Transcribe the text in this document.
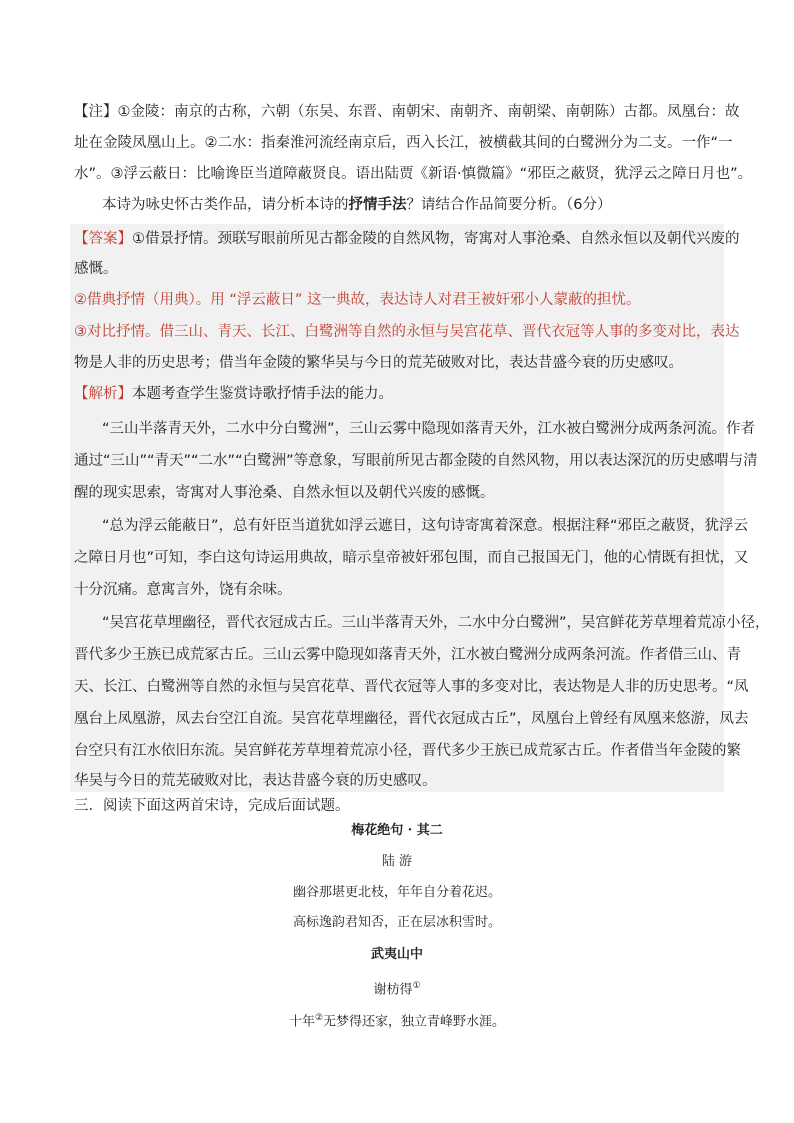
【注】①金陵：南京的古称，六朝（东吴、东晋、南朝宋、南朝齐、南朝梁、南朝陈）古都。凤凰台：故
址在金陵凤凰山上。②二水：指秦淮河流经南京后，西入长江，被横截其间的白鹭洲分为二支。一作“一
水”。③浮云蔽日：比喻谗臣当道障蔽贤良。语出陆贾《新语·慎微篇》“邪臣之蔽贤，犹浮云之障日月也”。
本诗为咏史怀古类作品，请分析本诗的抒情手法？请结合作品简要分析。（6分）
【答案】①借景抒情。颈联写眼前所见古都金陵的自然风物，寄寓对人事沧桑、自然永恒以及朝代兴废的
感慨。
②借典抒情（用典）。用 “浮云蔽日” 这一典故，表达诗人对君王被奸邪小人蒙蔽的担忧。
③对比抒情。借三山、青天、长江、白鹭洲等自然的永恒与吴宫花草、晋代衣冠等人事的多变对比，表达
物是人非的历史思考；借当年金陵的繁华吴与今日的荒芜破败对比，表达昔盛今衰的历史感叹。
【解析】本题考查学生鉴赏诗歌抒情手法的能力。
“三山半落青天外，二水中分白鹭洲”，三山云雾中隐现如落青天外，江水被白鹭洲分成两条河流。作者
通过“三山”“青天”“二水”“白鹭洲”等意象，写眼前所见古都金陵的自然风物，用以表达深沉的历史感喟与清
醒的现实思索，寄寓对人事沧桑、自然永恒以及朝代兴废的感慨。
“总为浮云能蔽日”，总有奸臣当道犹如浮云遮日，这句诗寄寓着深意。根据注释“邪臣之蔽贤，犹浮云
之障日月也”可知，李白这句诗运用典故，暗示皇帝被奸邪包围，而自己报国无门，他的心情既有担忧，又
十分沉痛。意寓言外，饶有余味。
“吴宫花草埋幽径，晋代衣冠成古丘。三山半落青天外，二水中分白鹭洲”，吴宫鲜花芳草埋着荒凉小径，
晋代多少王族已成荒冢古丘。三山云雾中隐现如落青天外，江水被白鹭洲分成两条河流。作者借三山、青
天、长江、白鹭洲等自然的永恒与吴宫花草、晋代衣冠等人事的多变对比，表达物是人非的历史思考。“凤
凰台上凤凰游，凤去台空江自流。吴宫花草埋幽径，晋代衣冠成古丘”，凤凰台上曾经有凤凰来悠游，凤去
台空只有江水依旧东流。吴宫鲜花芳草埋着荒凉小径，晋代多少王族已成荒冢古丘。作者借当年金陵的繁
华吴与今日的荒芜破败对比，表达昔盛今衰的历史感叹。
三．阅读下面这两首宋诗，完成后面试题。
梅花绝句 · 其二
陆 游
幽谷那堪更北枝，年年自分着花迟。
高标逸韵君知否，正在层冰积雪时。
武夷山中
谢枋得①
十年②无梦得还家，独立青峰野水涯。
